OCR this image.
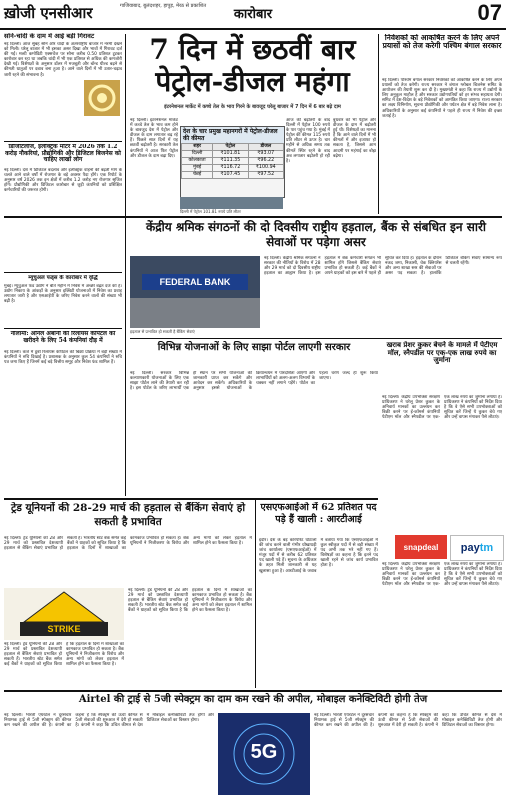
ख़ोजी एनसीआर	गाजियाबाद, बुलंदशहर, हापुड़, मेरठ से प्रकाशित
कारोबार	07
सोने-चांदी के दाम में आई बड़ी गिरावट

नई दिल्ली। आज सुबह सोने और चांदी के अंतरराष्ट्रीय बाजार में नरमी देखने को मिली। घरेलू बाजार में भी इसका असर दिखा और भावों में गिरावट दर्ज की गई। मल्टी कमोडिटी एक्सचेंज पर सोना करीब 0.50 प्रतिशत टूटकर कारोबार कर रहा था जबकि चांदी में भी एक प्रतिशत से अधिक की कमजोरी देखी गई। विशेषज्ञों के अनुसार डॉलर में मजबूती और बॉन्ड यील्ड बढ़ने से कीमती धातुओं पर दबाव बना हुआ है। आने वाले दिनों में भी उतार-चढ़ाव जारी रहने की संभावना है।

डिजिटिलीज, इलेक्ट्रिक मोटर में 2026 तक 1.2 करोड़ नौकरियां, प्रौद्योगिकी और डिजिटल बिजनेस को चाहिए लाखों लोग

नई दिल्ली। देश में डिजिटल बदलाव और इलेक्ट्रिक वाहनों की बढ़ती मांग के चलते आने वाले वर्षों में रोजगार के बड़े अवसर पैदा होंगे। एक रिपोर्ट के अनुसार वर्ष 2026 तक इन क्षेत्रों में करीब 1.2 करोड़ नए रोजगार सृजित होंगे। प्रौद्योगिकी और डिजिटल कारोबार से जुड़ी कंपनियों को प्रशिक्षित कर्मचारियों की जरूरत होगी।

म्यूचुअल फंड्स के कारोबार में वृद्धि

मुंबई। म्यूचुअल फंड उद्योग ने बीते महीने में निवेश में अच्छी बढ़त दर्ज की है। उद्योग निकाय के आंकड़ों के अनुसार इक्विटी योजनाओं में निवेश का प्रवाह लगातार जारी है और एसआईपी के जरिए निवेश करने वालों की संख्या भी बढ़ी है।

नीलामी: अनिल अंबानी की रिलायंस कैपिटल को खरीदने के लिए 54 कंपनियां दौड़ में

नई दिल्ली। कर्ज में डूबी रिलायंस कैपिटल की बिक्री प्रक्रिया में बड़ी संख्या में कंपनियों ने रुचि दिखाई है। प्रशासक के अनुसार कुल 54 कंपनियों ने रुचि पत्र जमा किए हैं जिनमें कई बड़े वित्तीय समूह और निवेश फंड शामिल हैं।

7 दिन में छठवीं बार
पेट्रोल-डीजल महंगा
इंटरनेशनल मार्केट में कच्चे तेल के भाव गिरने के बावजूद घरेलू बाजार में 7 दिन में 6 बार बढ़े दाम

नई दिल्ली। इंटरनेशनल मार्केट में कच्चे तेल के भाव कम होने के बावजूद देश में पेट्रोल और डीजल के दाम लगातार बढ़ रहे हैं। पिछले सात दिनों में यह छठवीं बढ़ोतरी है। सरकारी तेल कंपनियों ने आज फिर पेट्रोल और डीजल के दाम बढ़ा दिए।

आज की बढ़ोतरी के बाद दिल्ली में पेट्रोल 100 रुपये के पार पहुंच गया है। मुंबई में पेट्रोल की कीमत 115 रुपये प्रति लीटर से ऊपर है। चार महीने से अधिक समय तक कीमतें स्थिर रहने के बाद अब लगातार बढ़ोतरी हो रही है।

बुधवार को भी पेट्रोल और डीजल के दाम में बढ़ोतरी हुई थी। विशेषज्ञों का मानना है कि आने वाले दिनों में भी कीमतों में और इजाफा हो सकता है, जिससे आम आदमी पर महंगाई का बोझ बढ़ेगा।

देश के चार प्रमुख महानगरों में पेट्रोल-डीजल की कीमत
शहर	पेट्रोल	डीजल
दिल्ली	₹101.81	₹93.07
कोलकाता	₹111.35	₹96.22
मुंबई	₹116.72	₹100.94
चेन्नई	₹107.45	₹97.52
दिल्ली में पेट्रोल 101.81 रुपये प्रति लीटर
निवेशकों को आकर्षित करने के लिए अपने प्रयासों को तेज करेगी पश्चिम बंगाल सरकार

नई दिल्ली। पश्चिम बंगाल सरकार निवेशकों को आकर्षित करने के लिए अपने प्रयासों को तेज करेगी। राज्य सरकार ने बंगाल ग्लोबल बिजनेस समिट के आयोजन की तैयारी शुरू कर दी है। मुख्यमंत्री ने कहा कि राज्य में उद्योगों के लिए अनुकूल माहौल है और सरकार उद्योगपतियों को हर संभव सहायता देगी। समिट में देश-विदेश के बड़े निवेशकों को आमंत्रित किया जाएगा। राज्य सरकार का लक्ष्य विनिर्माण, सूचना प्रौद्योगिकी और पर्यटन क्षेत्र में बड़े निवेश लाना है। अधिकारियों के अनुसार कई कंपनियों ने पहले ही राज्य में निवेश की इच्छा जताई है।

केंद्रीय श्रमिक संगठनों की दो दिवसीय राष्ट्रीय हड़ताल, बैंक से संबधित इन सारी सेवाओं पर पड़ेगा असर
FEDERAL BANK
हड़ताल से प्रभावित हो सकती है बैंकिंग सेवाएं

नई दिल्ली। केंद्रीय श्रमिक संगठनों ने सरकार की नीतियों के विरोध में 28 और 29 मार्च को दो दिवसीय राष्ट्रीय हड़ताल का आह्वान किया है। इस हड़ताल में बैंक कर्मचारी संगठन भी शामिल होंगे जिससे बैंकिंग सेवाएं प्रभावित हो सकती हैं। कई बैंकों ने अपने ग्राहकों को इस बारे में पहले ही सूचित कर दिया है। हड़ताल के दौरान नकद जमा, निकासी, चेक क्लियरेंस और अन्य शाखा स्तर की सेवाओं पर असर पड़ सकता है। हालांकि डिजिटल बैंकिंग सेवाएं सामान्य रूप से चलती रहेंगी।

विभिन्न योजनाओं के लिए साझा पोर्टल लाएगी सरकार

नई दिल्ली। सरकार विभिन्न कल्याणकारी योजनाओं के लिए एक साझा पोर्टल लाने की तैयारी कर रही है। इस पोर्टल के जरिए लाभार्थी एक ही स्थान पर सभी योजनाओं की जानकारी प्राप्त कर सकेंगे और आवेदन कर सकेंगे। अधिकारियों के अनुसार इससे योजनाओं के क्रियान्वयन में पारदर्शिता आएगी और लाभार्थियों को अलग-अलग विभागों के चक्कर नहीं लगाने पड़ेंगे। पोर्टल का पहला चरण जल्द ही शुरू किया जाएगा।

खराब प्रेशर कुकर बेचने के मामले में पेटीएम मॉल, स्नैपडील पर एक-एक लाख रुपये का जुर्माना

नई दिल्ली। केंद्रीय उपभोक्ता संरक्षण प्राधिकरण ने घरेलू प्रेशर कुकर के अनिवार्य मानकों का उल्लंघन कर बिक्री करने पर ई-कॉमर्स कंपनियों पेटीएम मॉल और स्नैपडील पर एक-एक लाख रुपये का जुर्माना लगाया है। प्राधिकरण ने कंपनियों को निर्देश दिया है कि वे ऐसे सभी उपभोक्ताओं को सूचित करें जिन्हें ये कुकर बेचे गए और उन्हें वापस मंगाकर पैसे लौटाएं।

snapdeal pay tm

नई दिल्ली। केंद्रीय उपभोक्ता संरक्षण प्राधिकरण ने घरेलू प्रेशर कुकर के अनिवार्य मानकों का उल्लंघन कर बिक्री करने पर ई-कॉमर्स कंपनियों पेटीएम मॉल और स्नैपडील पर एक-एक लाख रुपये का जुर्माना लगाया है। प्राधिकरण ने कंपनियों को निर्देश दिया है कि वे ऐसे सभी उपभोक्ताओं को सूचित करें जिन्हें ये कुकर बेचे गए और उन्हें वापस मंगाकर पैसे लौटाएं।

ट्रेड यूनियनों की 28-29 मार्च की हड़ताल से बैंकिंग सेवाएं हो सकती है प्रभावित

नई दिल्ली। ट्रेड यूनियनों की 28 और 29 मार्च को प्रस्तावित देशव्यापी हड़ताल से बैंकिंग सेवाएं प्रभावित हो सकती हैं। भारतीय स्टेट बैंक समेत कई बैंकों ने ग्राहकों को सूचित किया है कि हड़ताल के दिनों में शाखाओं का कामकाज प्रभावित हो सकता है। बैंक यूनियनों ने निजीकरण के विरोध और अन्य मांगों को लेकर हड़ताल में शामिल होने का फैसला किया है।

STRIKE

नई दिल्ली। ट्रेड यूनियनों की 28 और 29 मार्च को प्रस्तावित देशव्यापी हड़ताल से बैंकिंग सेवाएं प्रभावित हो सकती हैं। भारतीय स्टेट बैंक समेत कई बैंकों ने ग्राहकों को सूचित किया है कि हड़ताल के दिनों में शाखाओं का कामकाज प्रभावित हो सकता है। बैंक यूनियनों ने निजीकरण के विरोध और अन्य मांगों को लेकर हड़ताल में शामिल होने का फैसला किया है।

नई दिल्ली। ट्रेड यूनियनों की 28 और 29 मार्च को प्रस्तावित देशव्यापी हड़ताल से बैंकिंग सेवाएं प्रभावित हो सकती हैं। भारतीय स्टेट बैंक समेत कई बैंकों ने ग्राहकों को सूचित किया है कि हड़ताल के दिनों में शाखाओं का कामकाज प्रभावित हो सकता है। बैंक यूनियनों ने निजीकरण के विरोध और अन्य मांगों को लेकर हड़ताल में शामिल होने का फैसला किया है।

एसएफआईओ में 62 प्रतिशत पद पड़े हैं खाली : आरटीआई

इंदौर। देश के बड़े कॉरपोरेट घोटालों की जांच करने वाली गंभीर धोखाधड़ी जांच कार्यालय (एसएफआईओ) में मंजूर पदों में से करीब 62 प्रतिशत पद खाली पड़े हैं। सूचना के अधिकार के तहत मिली जानकारी से यह खुलासा हुआ है। आरटीआई के जवाब में बताया गया कि एसएफआईओ में कुल स्वीकृत पदों में से बड़ी संख्या में पद अभी तक भरे नहीं गए हैं। विशेषज्ञों का कहना है कि इतने पद खाली रहने से जांच कार्य प्रभावित होता है।

Airtel की ट्राई से 5जी स्पेक्ट्रम का दाम कम रखने की अपील, मोबाइल कनेक्टिविटी होगी तेज

नई दिल्ली। भारती एयरटेल ने दूरसंचार नियामक ट्राई से 5जी स्पेक्ट्रम की कीमत कम रखने की अपील की है। कंपनी का कहना है कि स्पेक्ट्रम की ऊंची कीमत से 5जी सेवाओं की शुरुआत में देरी हो सकती है। कंपनी ने कहा कि उचित कीमत से देश में मोबाइल कनेक्टिविटी तेज होगी और डिजिटल सेवाओं का विस्तार होगा।

5G

नई दिल्ली। भारती एयरटेल ने दूरसंचार नियामक ट्राई से 5जी स्पेक्ट्रम की कीमत कम रखने की अपील की है। कंपनी का कहना है कि स्पेक्ट्रम की ऊंची कीमत से 5जी सेवाओं की शुरुआत में देरी हो सकती है। कंपनी ने कहा कि उचित कीमत से देश में मोबाइल कनेक्टिविटी तेज होगी और डिजिटल सेवाओं का विस्तार होगा।
